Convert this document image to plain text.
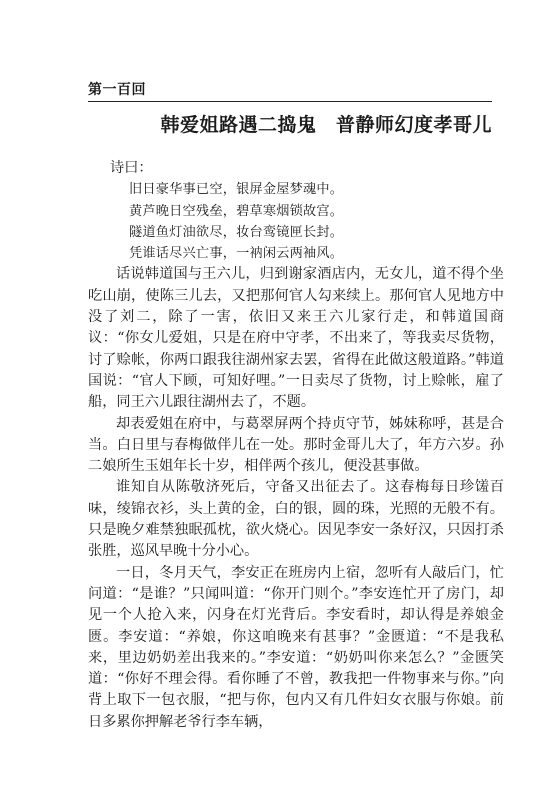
第一百回
韩爱姐路遇二捣鬼　普静师幻度孝哥儿

诗曰：

旧日豪华事已空，银屏金屋梦魂中。

黄芦晚日空残垒，碧草寒烟锁故宫。

隧道鱼灯油欲尽，妆台鸾镜匣长封。

凭谁话尽兴亡事，一衲闲云两袖风。

话说韩道国与王六儿，归到谢家酒店内，无女儿，道不得个坐吃山崩，使陈三儿去，又把那何官人勾来续上。那何官人见地方中没了刘二，除了一害，依旧又来王六儿家行走，和韩道国商议：“你女儿爱姐，只是在府中守孝，不出来了，等我卖尽货物，讨了赊帐，你两口跟我往湖州家去罢，省得在此做这般道路。”韩道国说：“官人下顾，可知好哩。”一日卖尽了货物，讨上赊帐，雇了船，同王六儿跟往湖州去了，不题。

却表爱姐在府中，与葛翠屏两个持贞守节，姊妹称呼，甚是合当。白日里与春梅做伴儿在一处。那时金哥儿大了，年方六岁。孙二娘所生玉姐年长十岁，相伴两个孩儿，便没甚事做。

谁知自从陈敬济死后，守备又出征去了。这春梅每日珍馐百味，绫锦衣衫，头上黄的金，白的银，圆的珠，光照的无般不有。只是晚夕难禁独眠孤枕，欲火烧心。因见李安一条好汉，只因打杀张胜，巡风早晚十分小心。

一日，冬月天气，李安正在班房内上宿，忽听有人敲后门，忙问道：“是谁？”只闻叫道：“你开门则个。”李安连忙开了房门，却见一个人抢入来，闪身在灯光背后。李安看时，却认得是养娘金匮。李安道：“养娘，你这咱晚来有甚事？”金匮道：“不是我私来，里边奶奶差出我来的。”李安道：“奶奶叫你来怎么？”金匮笑道：“你好不理会得。看你睡了不曾，教我把一件物事来与你。”向背上取下一包衣服，“把与你，包内又有几件妇女衣服与你娘。前日多累你押解老爷行李车辆，
